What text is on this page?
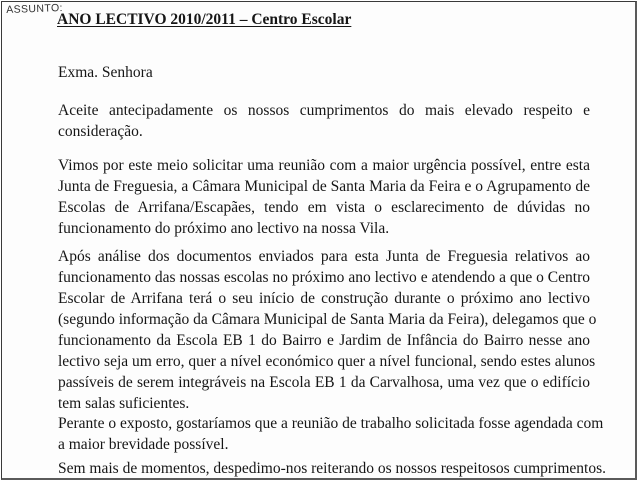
ASSUNTO:
ANO LECTIVO 2010/2011 – Centro Escolar
Exma. Senhora

Aceite antecipadamente os nossos cumprimentos do mais elevado respeito e
consideração.

Vimos por este meio solicitar uma reunião com a maior urgência possível, entre esta
Junta de Freguesia, a Câmara Municipal de Santa Maria da Feira e o Agrupamento de
Escolas de Arrifana/Escapães, tendo em vista o esclarecimento de dúvidas no
funcionamento do próximo ano lectivo na nossa Vila.

Após análise dos documentos enviados para esta Junta de Freguesia relativos ao
funcionamento das nossas escolas no próximo ano lectivo e atendendo a que o Centro
Escolar de Arrifana terá o seu início de construção durante o próximo ano lectivo
(segundo informação da Câmara Municipal de Santa Maria da Feira), delegamos que o
funcionamento da Escola EB 1 do Bairro e Jardim de Infância do Bairro nesse ano
lectivo seja um erro, quer a nível económico quer a nível funcional, sendo estes alunos
passíveis de serem integráveis na Escola EB 1 da Carvalhosa, uma vez que o edifício
tem salas suficientes.

Perante o exposto, gostaríamos que a reunião de trabalho solicitada fosse agendada com
a maior brevidade possível.

Sem mais de momentos, despedimo-nos reiterando os nossos respeitosos cumprimentos.
